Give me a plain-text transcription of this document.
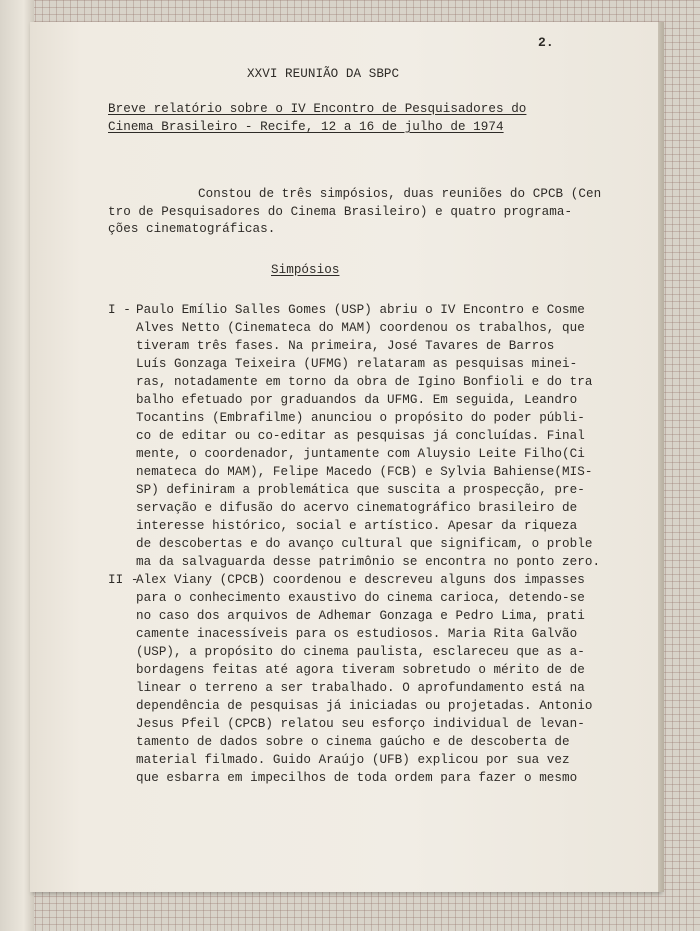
2.
XXVI REUNIÃO DA SBPC
Breve relatório sobre o IV Encontro de Pesquisadores do
Cinema Brasileiro - Recife, 12 a 16 de julho de 1974
Constou de três simpósios, duas reuniões do CPCB (Cen
tro de Pesquisadores do Cinema Brasileiro) e quatro programa-
ções cinematográficas.
Simpósios
I - Paulo Emílio Salles Gomes (USP) abriu o IV Encontro e Cosme
Alves Netto (Cinemateca do MAM) coordenou os trabalhos, que
tiveram três fases. Na primeira, José Tavares de Barros
Luís Gonzaga Teixeira (UFMG) relataram as pesquisas minei-
ras, notadamente em torno da obra de Igino Bonfioli e do tra
balho efetuado por graduandos da UFMG. Em seguida, Leandro
Tocantins (Embrafilme) anunciou o propósito do poder públi-
co de editar ou co-editar as pesquisas já concluídas. Final
mente, o coordenador, juntamente com Aluysio Leite Filho(Ci
nemateca do MAM), Felipe Macedo (FCB) e Sylvia Bahiense(MIS-
SP) definiram a problemática que suscita a prospecção, pre-
servação e difusão do acervo cinematográfico brasileiro de
interesse histórico, social e artístico. Apesar da riqueza
de descobertas e do avanço cultural que significam, o proble
ma da salvaguarda desse patrimônio se encontra no ponto zero.
II -
Alex Viany (CPCB) coordenou e descreveu alguns dos impasses
para o conhecimento exaustivo do cinema carioca, detendo-se
no caso dos arquivos de Adhemar Gonzaga e Pedro Lima, prati
camente inacessíveis para os estudiosos. Maria Rita Galvão
(USP), a propósito do cinema paulista, esclareceu que as a-
bordagens feitas até agora tiveram sobretudo o mérito de de
linear o terreno a ser trabalhado. O aprofundamento está na
dependência de pesquisas já iniciadas ou projetadas. Antonio
Jesus Pfeil (CPCB) relatou seu esforço individual de levan-
tamento de dados sobre o cinema gaúcho e de descoberta de
material filmado. Guido Araújo (UFB) explicou por sua vez
que esbarra em impecilhos de toda ordem para fazer o mesmo
